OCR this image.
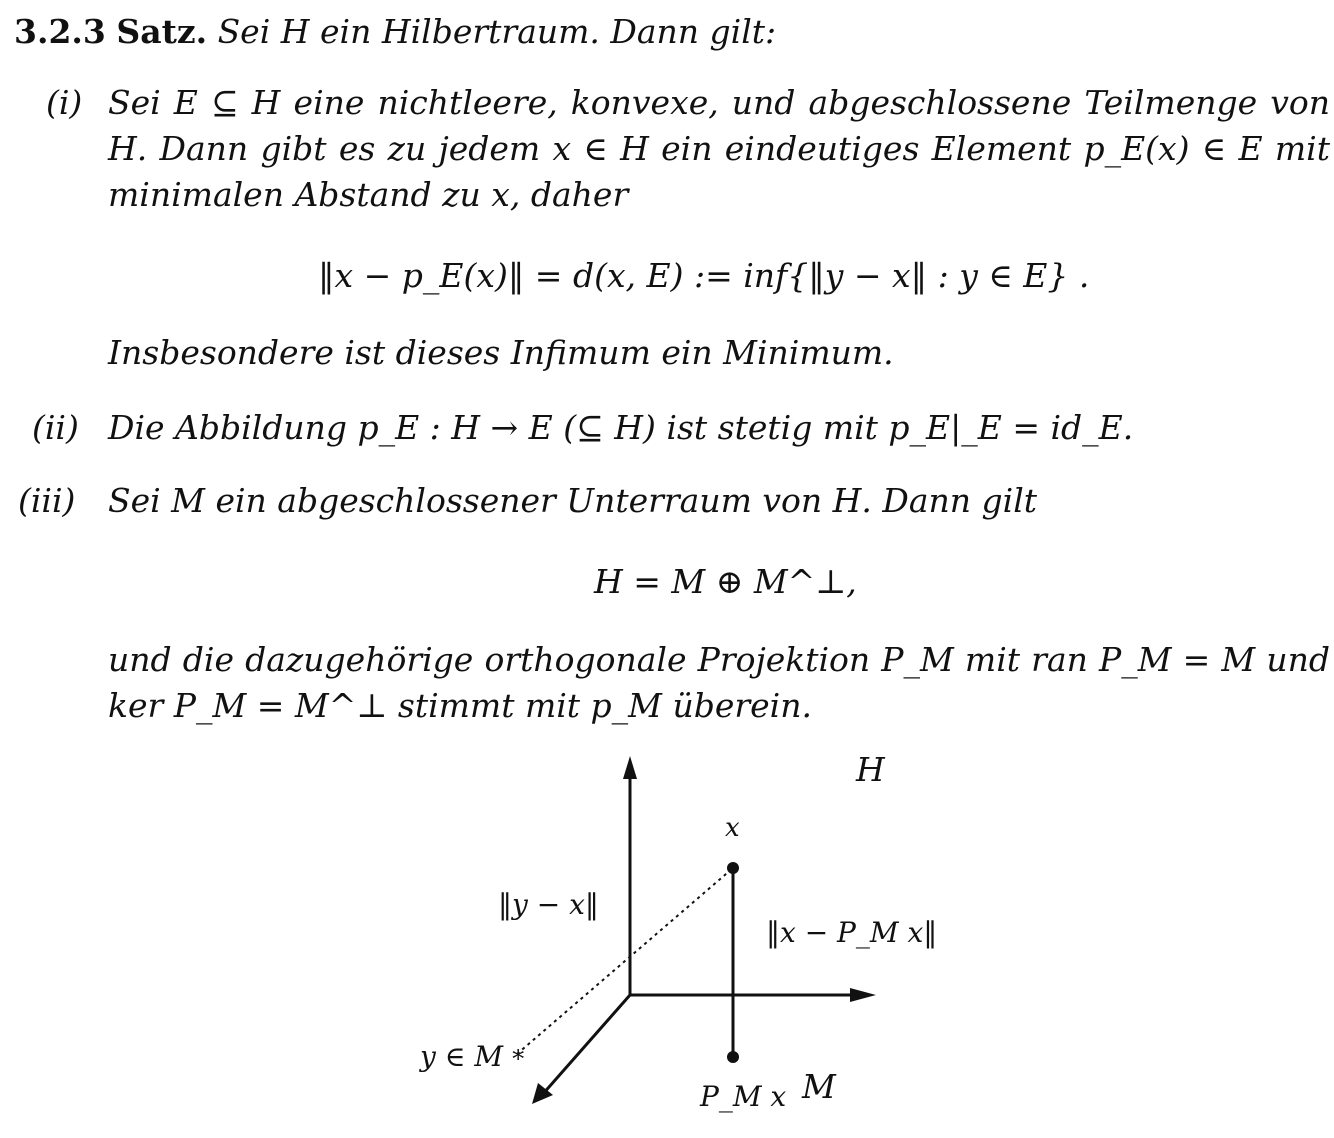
3.2.3 Satz. Sei H ein Hilbertraum. Dann gilt:
(i) Sei E ⊆ H eine nichtleere, konvexe, und abgeschlossene Teilmenge von
H. Dann gibt es zu jedem x ∈ H ein eindeutiges Element p_E(x) ∈ E mit
minimalen Abstand zu x, daher
‖x − p_E(x)‖ = d(x, E) := inf{‖y − x‖ : y ∈ E} .
Insbesondere ist dieses Infimum ein Minimum.
(ii) Die Abbildung p_E : H → E (⊆ H) ist stetig mit p_E|_E = id_E.
(iii) Sei M ein abgeschlossener Unterraum von H. Dann gilt
H = M ⊕ M^⊥,
und die dazugehörige orthogonale Projektion P_M mit ran P_M = M und
ker P_M = M^⊥ stimmt mit p_M überein.
∗
H
x
‖y − x‖
‖x − P_M x‖
y ∈ M
P_M x M
